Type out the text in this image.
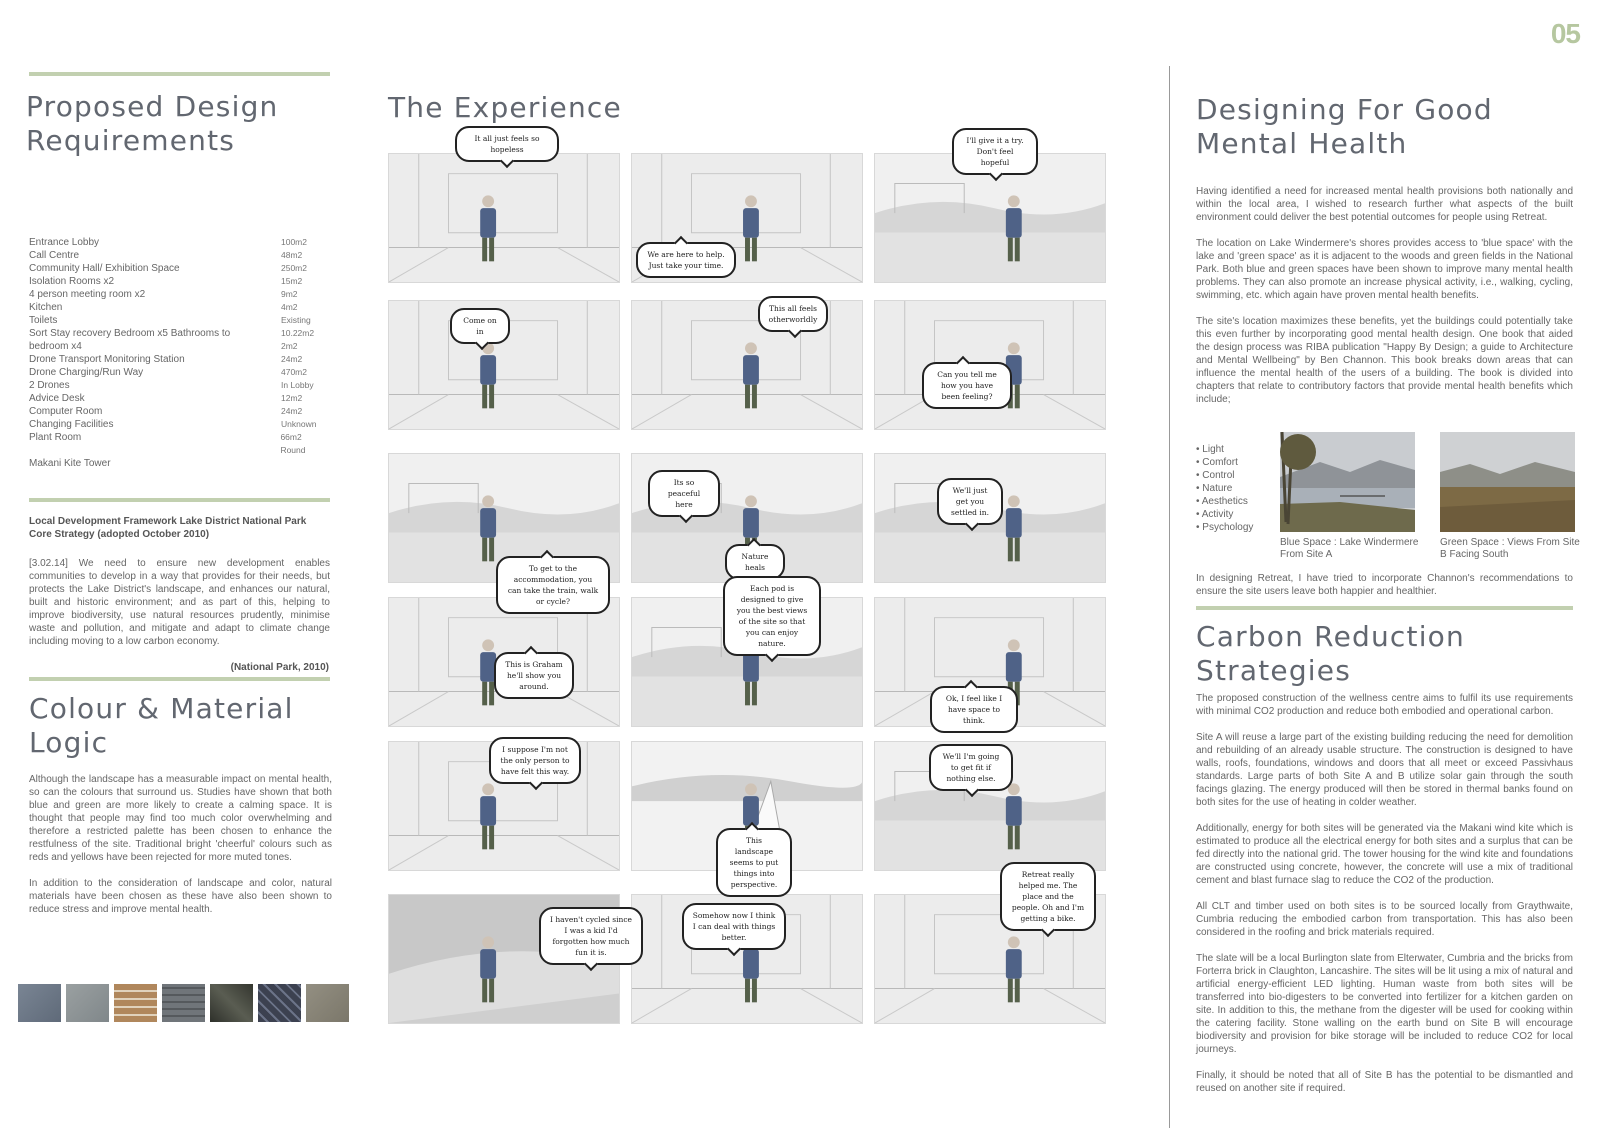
05
Proposed Design Requirements
Entrance Lobby	100m2
Call Centre	48m2
Community Hall/ Exhibition Space	250m2
Isolation Rooms x2	15m2
4 person meeting room x2	9m2
Kitchen	4m2
Toilets	Existing
Sort Stay recovery Bedroom x5 Bathrooms to	10.22m2
bedroom x4	2m2
Drone Transport Monitoring Station	24m2
Drone Charging/Run Way	470m2
2 Drones	In Lobby
Advice Desk	12m2
Computer Room	24m2
Changing Facilities	Unknown
Plant Room	66m2 Round
Makani Kite Tower
Local Development Framework Lake District National Park Core Strategy (adopted October 2010)
[3.02.14] We need to ensure new development enables communities to develop in a way that provides for their needs, but protects the Lake District's landscape, and enhances our natural, built and historic environment; and as part of this, helping to improve biodiversity, use natural resources prudently, minimise waste and pollution, and mitigate and adapt to climate change including moving to a low carbon economy.
(National Park, 2010)
Colour & Material Logic

Although the landscape has a measurable impact on mental health, so can the colours that surround us. Studies have shown that both blue and green are more likely to create a calming space. It is thought that people may find too much color overwhelming and therefore a restricted palette has been chosen to enhance the restfulness of the site. Traditional bright 'cheerful' colours such as reds and yellows have been rejected for more muted tones.

In addition to the consideration of landscape and color, natural materials have been chosen as these have also been shown to reduce stress and improve mental health.

The Experience
It all just feels so hopeless
We are here to help. Just take your time.
I'll give it a try. Don't feel hopeful
Come on in
This all feels otherworldly
Can you tell me how you have been feeling?
Its so peaceful here
To get to the accommodation, you can take the train, walk or cycle?
Nature heals
We'll just get you settled in.
Each pod is designed to give you the best views of the site so that you can enjoy nature.
This is Graham he'll show you around.
Ok, I feel like I have space to think.
I suppose I'm not the only person to have felt this way.
This landscape seems to put things into perspective.
We'll I'm going to get fit if nothing else.
Retreat really helped me. The place and the people. Oh and I'm getting a bike.
I haven't cycled since I was a kid I'd forgotten how much fun it is.
Somehow now I think I can deal with things better.
Designing For Good Mental Health

Having identified a need for increased mental health provisions both nationally and within the local area, I wished to research further what aspects of the built environment could deliver the best potential outcomes for people using Retreat.

The location on Lake Windermere's shores provides access to 'blue space' with the lake and 'green space' as it is adjacent to the woods and green fields in the National Park. Both blue and green spaces have been shown to improve many mental health problems. They can also promote an increase physical activity, i.e., walking, cycling, swimming, etc. which again have proven mental health benefits.

The site's location maximizes these benefits, yet the buildings could potentially take this even further by incorporating good mental health design. One book that aided the design process was RIBA publication "Happy By Design; a guide to Architecture and Mental Wellbeing" by Ben Channon. This book breaks down areas that can influence the mental health of the users of a building. The book is divided into chapters that relate to contributory factors that provide mental health benefits which include;

• Light
• Comfort
• Control
• Nature
• Aesthetics
• Activity
• Psychology
Blue Space : Lake Windermere From Site A
Green Space : Views From Site B Facing South
In designing Retreat, I have tried to incorporate Channon's recommendations to ensure the site users leave both happier and healthier.
Carbon Reduction Strategies

The proposed construction of the wellness centre aims to fulfil its use requirements with minimal CO2 production and reduce both embodied and operational carbon.

Site A will reuse a large part of the existing building reducing the need for demolition and rebuilding of an already usable structure. The construction is designed to have walls, roofs, foundations, windows and doors that all meet or exceed Passivhaus standards. Large parts of both Site A and B utilize solar gain through the south facings glazing. The energy produced will then be stored in thermal banks found on both sites for the use of heating in colder weather.

Additionally, energy for both sites will be generated via the Makani wind kite which is estimated to produce all the electrical energy for both sites and a surplus that can be fed directly into the national grid. The tower housing for the wind kite and foundations are constructed using concrete, however, the concrete will use a mix of traditional cement and blast furnace slag to reduce the CO2 of the production.

All CLT and timber used on both sites is to be sourced locally from Graythwaite, Cumbria reducing the embodied carbon from transportation. This has also been considered in the roofing and brick materials required.

The slate will be a local Burlington slate from Elterwater, Cumbria and the bricks from Forterra brick in Claughton, Lancashire. The sites will be lit using a mix of natural and artificial energy-efficient LED lighting. Human waste from both sites will be transferred into bio-digesters to be converted into fertilizer for a kitchen garden on site. In addition to this, the methane from the digester will be used for cooking within the catering facility. Stone walling on the earth bund on Site B will encourage biodiversity and provision for bike storage will be included to reduce CO2 for local journeys.

Finally, it should be noted that all of Site B has the potential to be dismantled and reused on another site if required.
